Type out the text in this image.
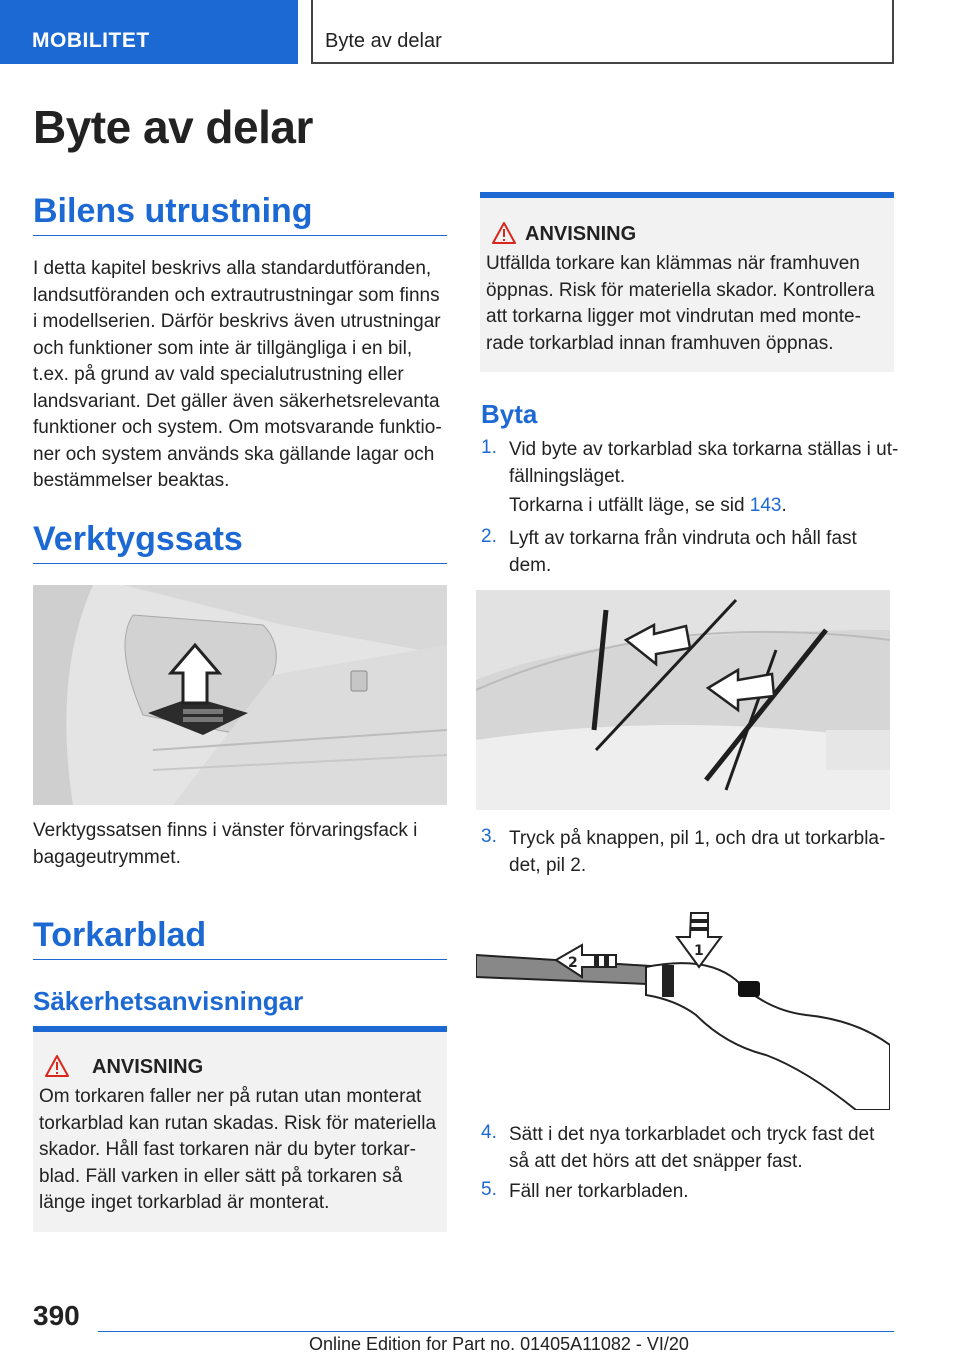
MOBILITET	Byte av delar
Byte av delar
Bilens utrustning
I detta kapitel beskrivs alla standardutföranden,
landsutföranden och extrautrustningar som finns
i modellserien. Därför beskrivs även utrustningar
och funktioner som inte är tillgängliga i en bil,
t.ex. på grund av vald specialutrustning eller
landsvariant. Det gäller även säkerhetsrelevanta
funktioner och system. Om motsvarande funktio-
ner och system används ska gällande lagar och
bestämmelser beaktas.
Verktygssats
Verktygssatsen finns i vänster förvaringsfack i
bagageutrymmet.
Torkarblad
Säkerhetsanvisningar
ANVISNING
Om torkaren faller ner på rutan utan monterat
torkarblad kan rutan skadas. Risk för materiella
skador. Håll fast torkaren när du byter torkar-
blad. Fäll varken in eller sätt på torkaren så
länge inget torkarblad är monterat.
ANVISNING
Utfällda torkare kan klämmas när framhuven
öppnas. Risk för materiella skador. Kontrollera
att torkarna ligger mot vindrutan med monte-
rade torkarblad innan framhuven öppnas.
Byta
1. Vid byte av torkarblad ska torkarna ställas i ut-
fällningsläget.
Torkarna i utfällt läge, se sid 143.
2. Lyft av torkarna från vindruta och håll fast
dem.
3. Tryck på knappen, pil 1, och dra ut torkarbla-
det, pil 2.
2
1
4. Sätt i det nya torkarbladet och tryck fast det
så att det hörs att det snäpper fast.
5. Fäll ner torkarbladen.
390
Online Edition for Part no. 01405A11082 - VI/20
